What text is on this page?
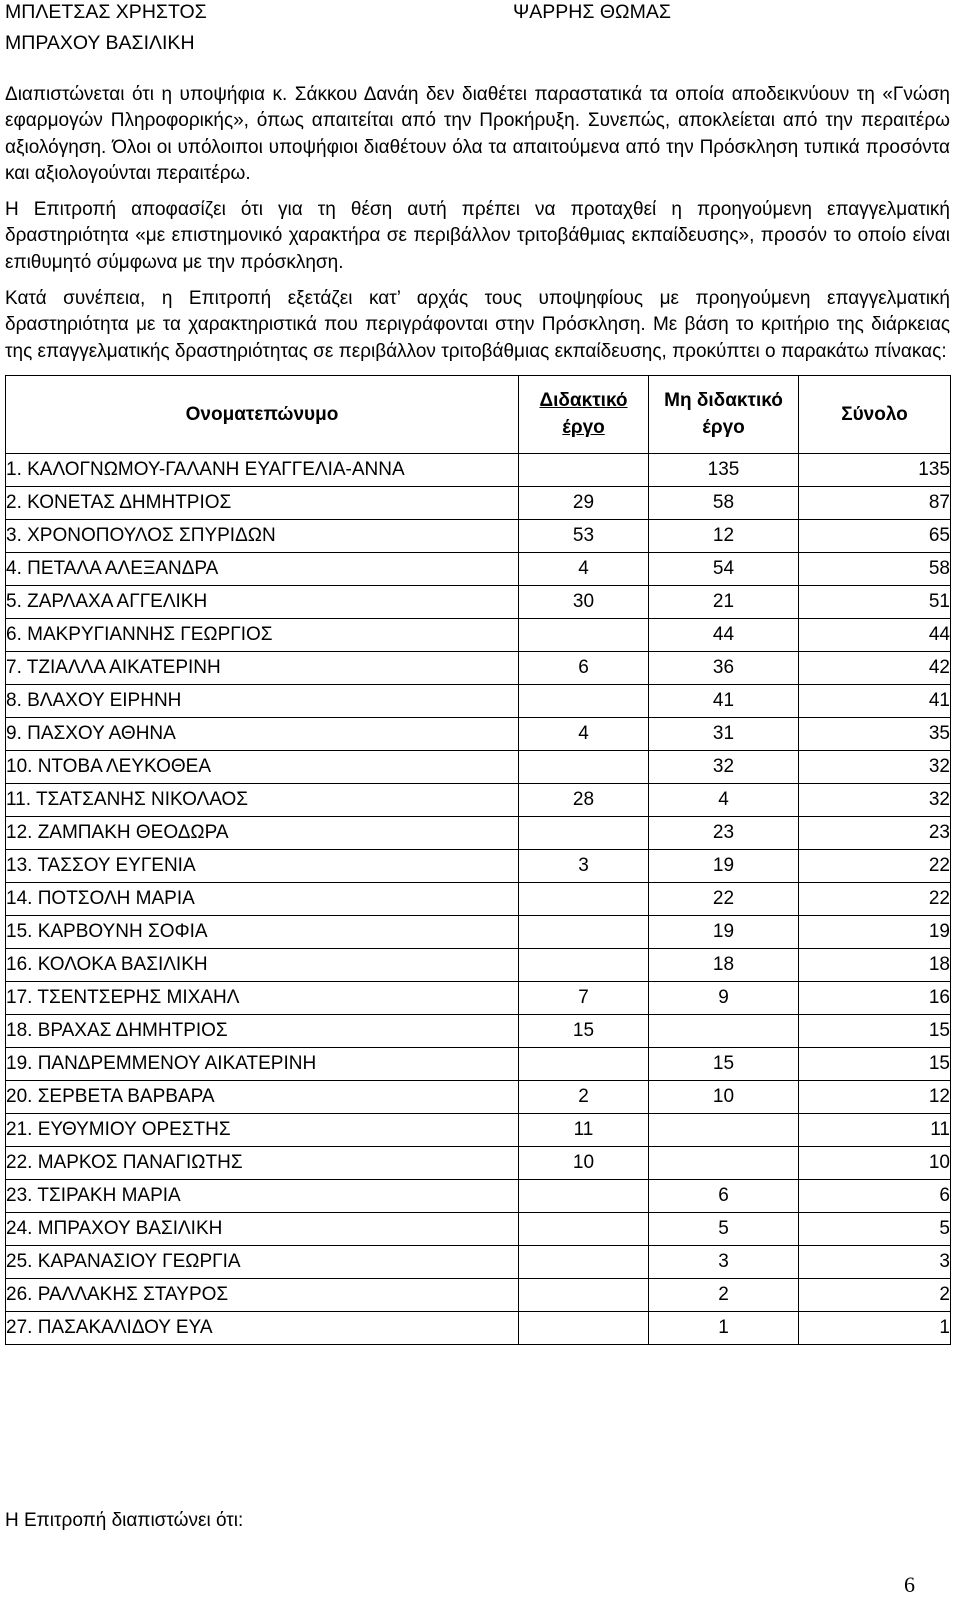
ΜΠΛΕΤΣΑΣ ΧΡΗΣΤΟΣ
ΜΠΡΑΧΟΥ ΒΑΣΙΛΙΚΗ
ΨΑΡΡΗΣ ΘΩΜΑΣ

Διαπιστώνεται ότι η υποψήφια κ. Σάκκου Δανάη δεν διαθέτει παραστατικά τα οποία αποδεικνύουν τη «Γνώση εφαρμογών Πληροφορικής», όπως απαιτείται από την Προκήρυξη. Συνεπώς, αποκλείεται από την περαιτέρω αξιολόγηση. Όλοι οι υπόλοιποι υποψήφιοι διαθέτουν όλα τα απαιτούμενα από την Πρόσκληση τυπικά προσόντα και αξιολογούνται περαιτέρω.

Η Επιτροπή αποφασίζει ότι για τη θέση αυτή πρέπει να προταχθεί η προηγούμενη επαγγελματική δραστηριότητα «με επιστημονικό χαρακτήρα σε περιβάλλον τριτοβάθμιας εκπαίδευσης», προσόν το οποίο είναι επιθυμητό σύμφωνα με την πρόσκληση.

Κατά συνέπεια, η Επιτροπή εξετάζει κατ’ αρχάς τους υποψηφίους με προηγούμενη επαγγελματική δραστηριότητα με τα χαρακτηριστικά που περιγράφονται στην Πρόσκληση. Με βάση το κριτήριο της διάρκειας της επαγγελματικής δραστηριότητας σε περιβάλλον τριτοβάθμιας εκπαίδευσης, προκύπτει ο παρακάτω πίνακας:

Ονοματεπώνυμο	Διδακτικό έργο	Μη διδακτικό έργο	Σύνολο
1. ΚΑΛΟΓΝΩΜΟΥ-ΓΑΛΑΝΗ ΕΥΑΓΓΕΛΙΑ-ΑΝΝΑ		135	135
2. ΚΟΝΕΤΑΣ ΔΗΜΗΤΡΙΟΣ	29	58	87
3. ΧΡΟΝΟΠΟΥΛΟΣ ΣΠΥΡΙΔΩΝ	53	12	65
4. ΠΕΤΑΛΑ ΑΛΕΞΑΝΔΡΑ	4	54	58
5. ΖΑΡΛΑΧΑ ΑΓΓΕΛΙΚΗ	30	21	51
6. ΜΑΚΡΥΓΙΑΝΝΗΣ ΓΕΩΡΓΙΟΣ		44	44
7. ΤΖΙΑΛΛΑ ΑΙΚΑΤΕΡΙΝΗ	6	36	42
8. ΒΛΑΧΟΥ ΕΙΡΗΝΗ		41	41
9. ΠΑΣΧΟΥ ΑΘΗΝΑ	4	31	35
10. ΝΤΟΒΑ ΛΕΥΚΟΘΕΑ		32	32
11. ΤΣΑΤΣΑΝΗΣ ΝΙΚΟΛΑΟΣ	28	4	32
12. ΖΑΜΠΑΚΗ ΘΕΟΔΩΡΑ		23	23
13. ΤΑΣΣΟΥ ΕΥΓΕΝΙΑ	3	19	22
14. ΠΟΤΣΟΛΗ ΜΑΡΙΑ		22	22
15. ΚΑΡΒΟΥΝΗ ΣΟΦΙΑ		19	19
16. ΚΟΛΟΚΑ ΒΑΣΙΛΙΚΗ		18	18
17. ΤΣΕΝΤΣΕΡΗΣ ΜΙΧΑΗΛ	7	9	16
18. ΒΡΑΧΑΣ ΔΗΜΗΤΡΙΟΣ	15		15
19. ΠΑΝΔΡΕΜΜΕΝΟΥ ΑΙΚΑΤΕΡΙΝΗ		15	15
20. ΣΕΡΒΕΤΑ ΒΑΡΒΑΡΑ	2	10	12
21. ΕΥΘΥΜΙΟΥ ΟΡΕΣΤΗΣ	11		11
22. ΜΑΡΚΟΣ ΠΑΝΑΓΙΩΤΗΣ	10		10
23. ΤΣΙΡΑΚΗ ΜΑΡΙΑ		6	6
24. ΜΠΡΑΧΟΥ ΒΑΣΙΛΙΚΗ		5	5
25. ΚΑΡΑΝΑΣΙΟΥ ΓΕΩΡΓΙΑ		3	3
26. ΡΑΛΛΑΚΗΣ ΣΤΑΥΡΟΣ		2	2
27. ΠΑΣΑΚΑΛΙΔΟΥ ΕΥΑ		1	1
Η Επιτροπή διαπιστώνει ότι:
6
